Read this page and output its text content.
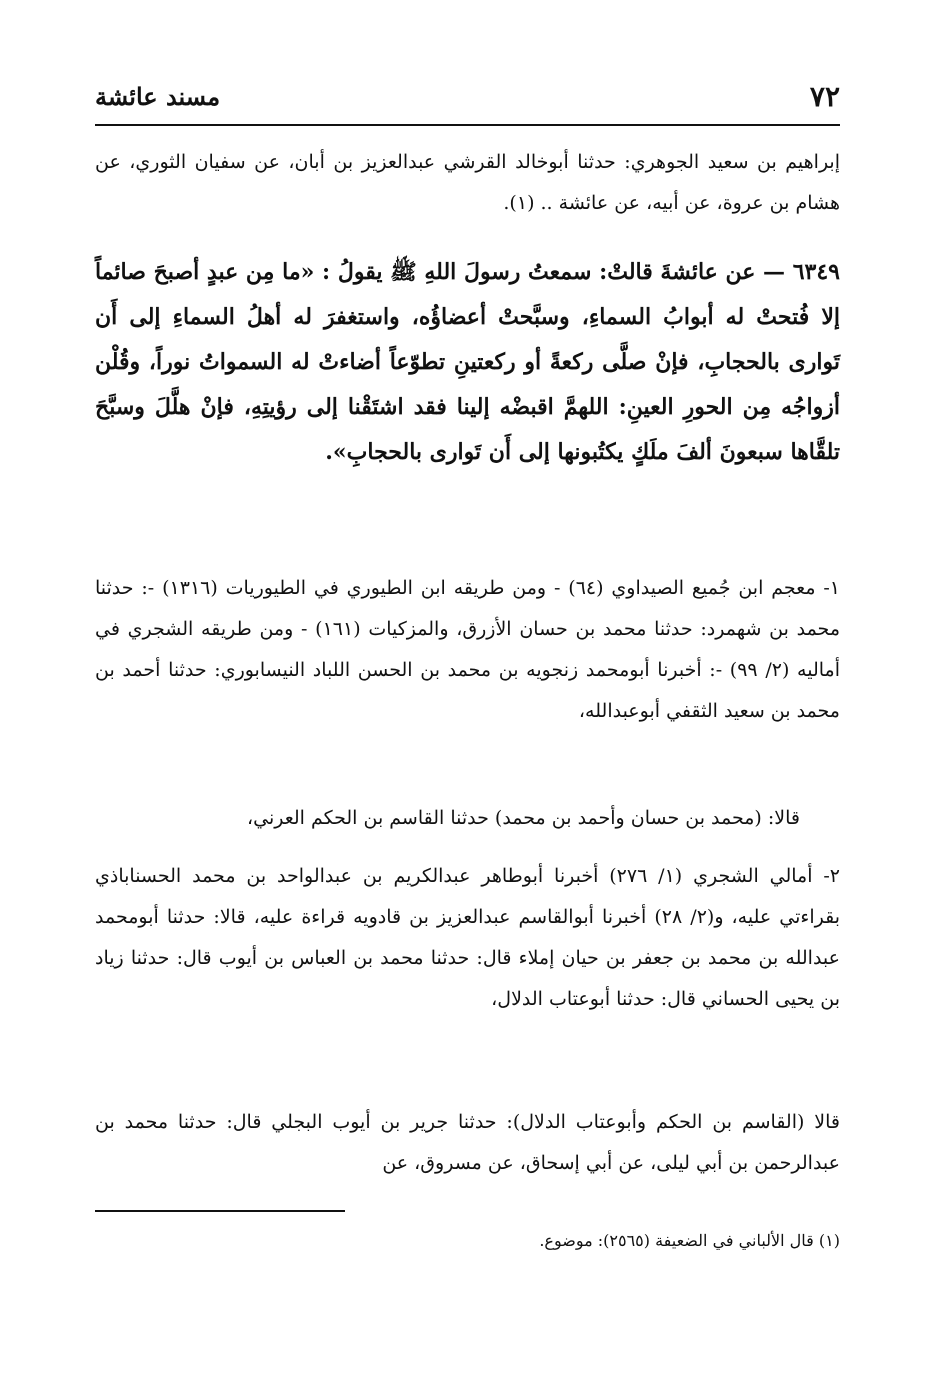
٧٢
مسند عائشة

إبراهيم بن سعيد الجوهري: حدثنا أبوخالد القرشي عبدالعزيز بن أبان، عن سفيان الثوري، عن هشام بن عروة، عن أبيه، عن عائشة .. (١).

٦٣٤٩ — عن عائشةَ قالتْ: سمعتُ رسولَ اللهِ ﷺ يقولُ : «ما مِن عبدٍ أصبحَ صائماً إلا فُتحتْ له أبوابُ السماءِ، وسبَّحتْ أعضاؤُه، واستغفرَ له أهلُ السماءِ إلى أَن تَوارى بالحجابِ، فإنْ صلَّى ركعةً أو ركعتينِ تطوّعاً أضاءتْ له السمواتُ نوراً، وقُلْن أزواجُه مِن الحورِ العينِ: اللهمَّ اقبضْه إلينا فقد اشتَقْنا إلى رؤيتِهِ، فإنْ هلَّلَ وسبَّحَ تلقَّاها سبعونَ ألفَ ملَكٍ يكتُبونها إلى أَن تَوارى بالحجابِ».

١- معجم ابن جُميع الصيداوي (٦٤) - ومن طريقه ابن الطيوري في الطيوريات (١٣١٦) -: حدثنا محمد بن شهمرد: حدثنا محمد بن حسان الأزرق، والمزكيات (١٦١) - ومن طريقه الشجري في أماليه (٢/ ٩٩) -: أخبرنا أبومحمد زنجويه بن محمد بن الحسن اللباد النيسابوري: حدثنا أحمد بن محمد بن سعيد الثقفي أبوعبدالله،

قالا: (محمد بن حسان وأحمد بن محمد) حدثنا القاسم بن الحكم العرني،

٢- أمالي الشجري (١/ ٢٧٦) أخبرنا أبوطاهر عبدالكريم بن عبدالواحد بن محمد الحسناباذي بقراءتي عليه، و(٢/ ٢٨) أخبرنا أبوالقاسم عبدالعزيز بن قادويه قراءة عليه، قالا: حدثنا أبومحمد عبدالله بن محمد بن جعفر بن حيان إملاء قال: حدثنا محمد بن العباس بن أيوب قال: حدثنا زياد بن يحيى الحساني قال: حدثنا أبوعتاب الدلال،

قالا (القاسم بن الحكم وأبوعتاب الدلال): حدثنا جرير بن أيوب البجلي قال: حدثنا محمد بن عبدالرحمن بن أبي ليلى، عن أبي إسحاق، عن مسروق، عن

(١) قال الألباني في الضعيفة (٢٥٦٥): موضوع.
